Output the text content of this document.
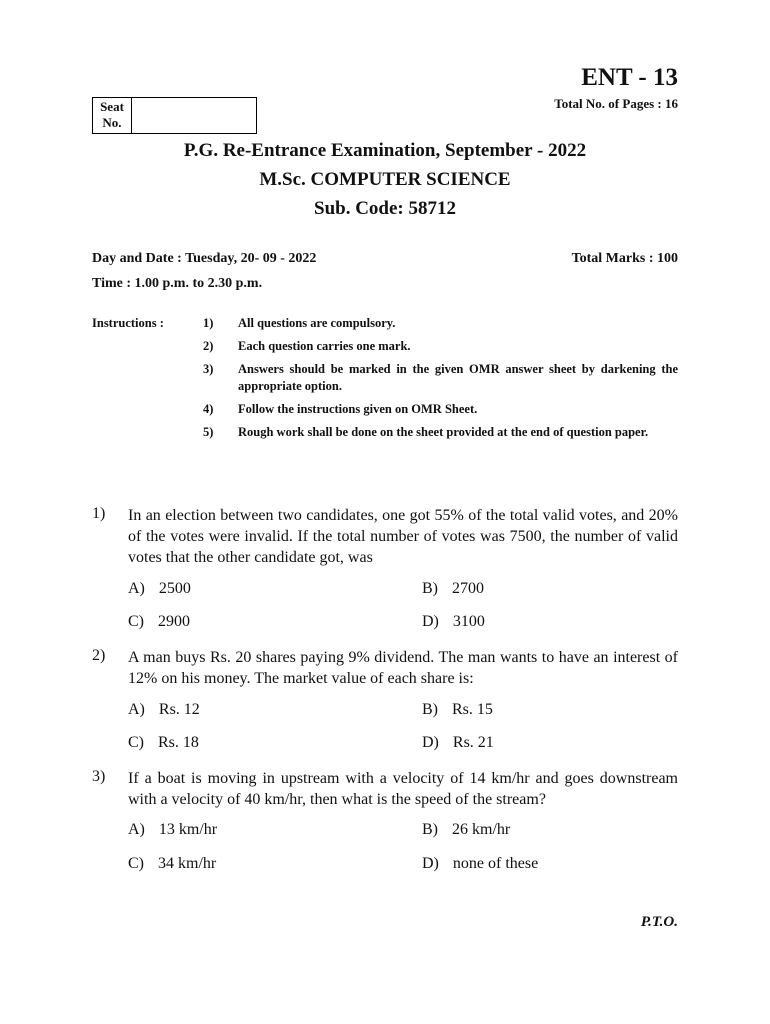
ENT - 13
Total No. of Pages : 16
Seat
No.
P.G. Re-Entrance Examination, September - 2022
M.Sc. COMPUTER SCIENCE
Sub. Code: 58712
Day and Date : Tuesday, 20- 09 - 2022	Total Marks : 100
Time : 1.00 p.m. to 2.30 p.m.
Instructions :	1) All questions are compulsory.
2) Each question carries one mark.
3) Answers should be marked in the given OMR answer sheet by darkening the appropriate option.
4) Follow the instructions given on OMR Sheet.
5) Rough work shall be done on the sheet provided at the end of question paper.
1) In an election between two candidates, one got 55% of the total valid votes, and 20% of the votes were invalid. If the total number of votes was 7500, the number of valid votes that the other candidate got, was
A) 2500	B) 2700
C) 2900	D) 3100
2) A man buys Rs. 20 shares paying 9% dividend. The man wants to have an interest of 12% on his money. The market value of each share is:
A) Rs. 12	B) Rs. 15
C) Rs. 18	D) Rs. 21
3) If a boat is moving in upstream with a velocity of 14 km/hr and goes downstream with a velocity of 40 km/hr, then what is the speed of the stream?
A) 13 km/hr	B) 26 km/hr
C) 34 km/hr	D) none of these
P.T.O.
